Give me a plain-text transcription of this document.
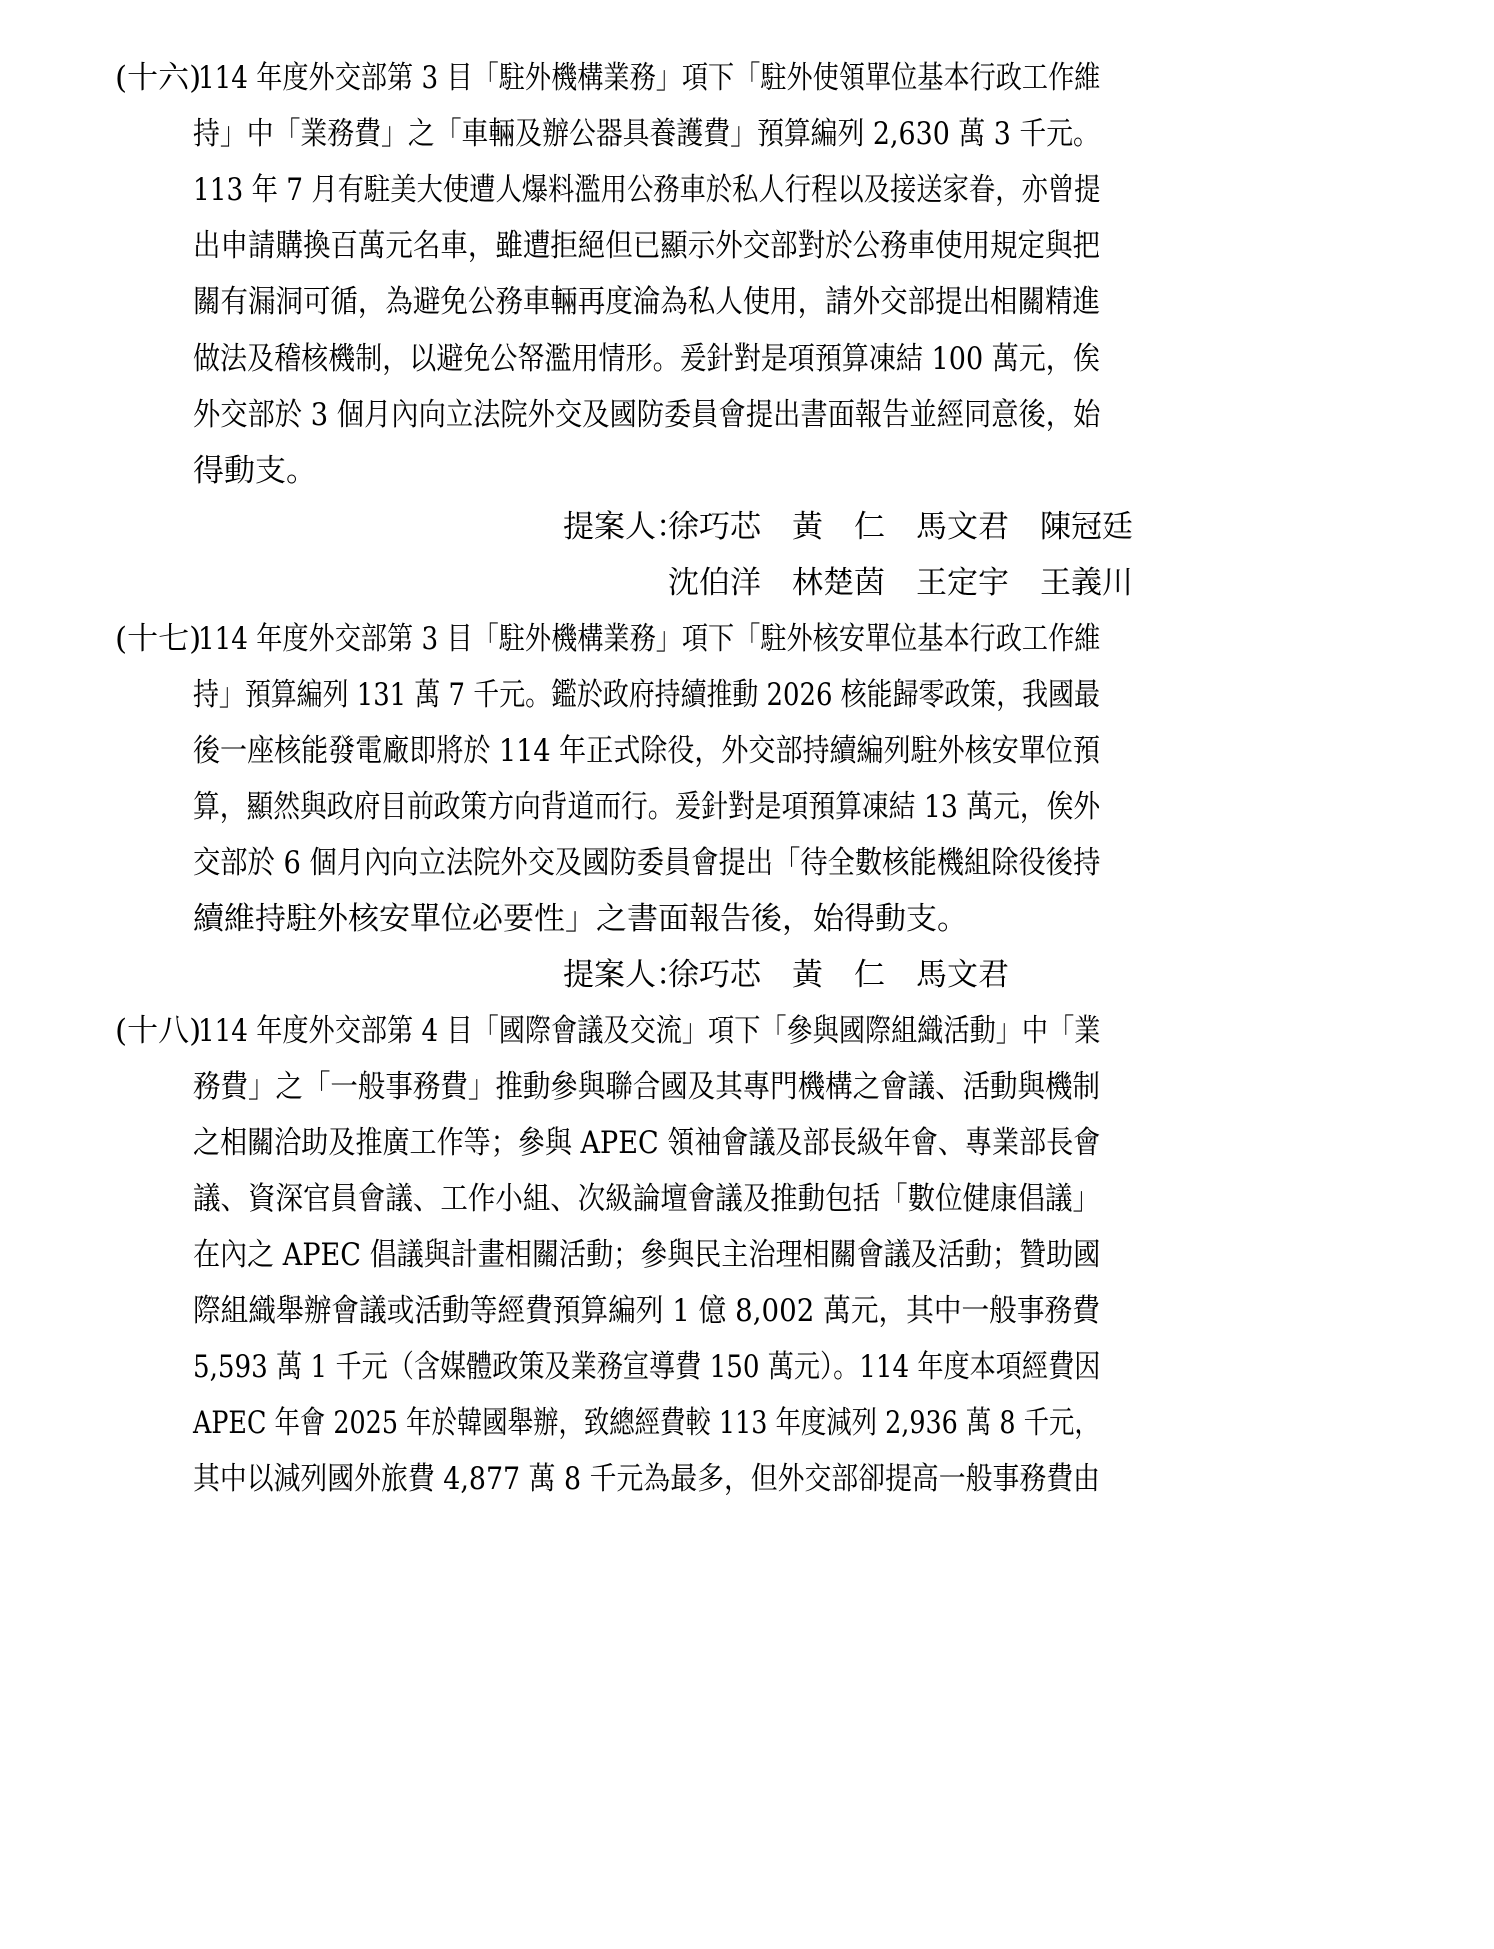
(十六)
114 年度外交部第 3 目「駐外機構業務」項下「駐外使領單位基本行政工作維
持」中「業務費」之「車輛及辦公器具養護費」預算編列 2,630 萬 3 千元。
113 年 7 月有駐美大使遭人爆料濫用公務車於私人行程以及接送家眷，亦曾提
出申請購換百萬元名車，雖遭拒絕但已顯示外交部對於公務車使用規定與把
關有漏洞可循，為避免公務車輛再度淪為私人使用，請外交部提出相關精進
做法及稽核機制，以避免公帑濫用情形。爰針對是項預算凍結 100 萬元，俟
外交部於 3 個月內向立法院外交及國防委員會提出書面報告並經同意後，始
得動支。
提案人：
徐巧芯　黃　仁　馬文君　陳冠廷
沈伯洋　林楚茵　王定宇　王義川
(十七)
114 年度外交部第 3 目「駐外機構業務」項下「駐外核安單位基本行政工作維
持」預算編列 131 萬 7 千元。鑑於政府持續推動 2026 核能歸零政策，我國最
後一座核能發電廠即將於 114 年正式除役，外交部持續編列駐外核安單位預
算，顯然與政府目前政策方向背道而行。爰針對是項預算凍結 13 萬元，俟外
交部於 6 個月內向立法院外交及國防委員會提出「待全數核能機組除役後持
續維持駐外核安單位必要性」之書面報告後，始得動支。
提案人：
徐巧芯　黃　仁　馬文君
(十八)
114 年度外交部第 4 目「國際會議及交流」項下「參與國際組織活動」中「業
務費」之「一般事務費」推動參與聯合國及其專門機構之會議、活動與機制
之相關洽助及推廣工作等；參與 APEC 領袖會議及部長級年會、專業部長會
議、資深官員會議、工作小組、次級論壇會議及推動包括「數位健康倡議」
在內之 APEC 倡議與計畫相關活動；參與民主治理相關會議及活動；贊助國
際組織舉辦會議或活動等經費預算編列 1 億 8,002 萬元，其中一般事務費
5,593 萬 1 千元（含媒體政策及業務宣導費 150 萬元）。114 年度本項經費因
APEC 年會 2025 年於韓國舉辦，致總經費較 113 年度減列 2,936 萬 8 千元，
其中以減列國外旅費 4,877 萬 8 千元為最多，但外交部卻提高一般事務費由
